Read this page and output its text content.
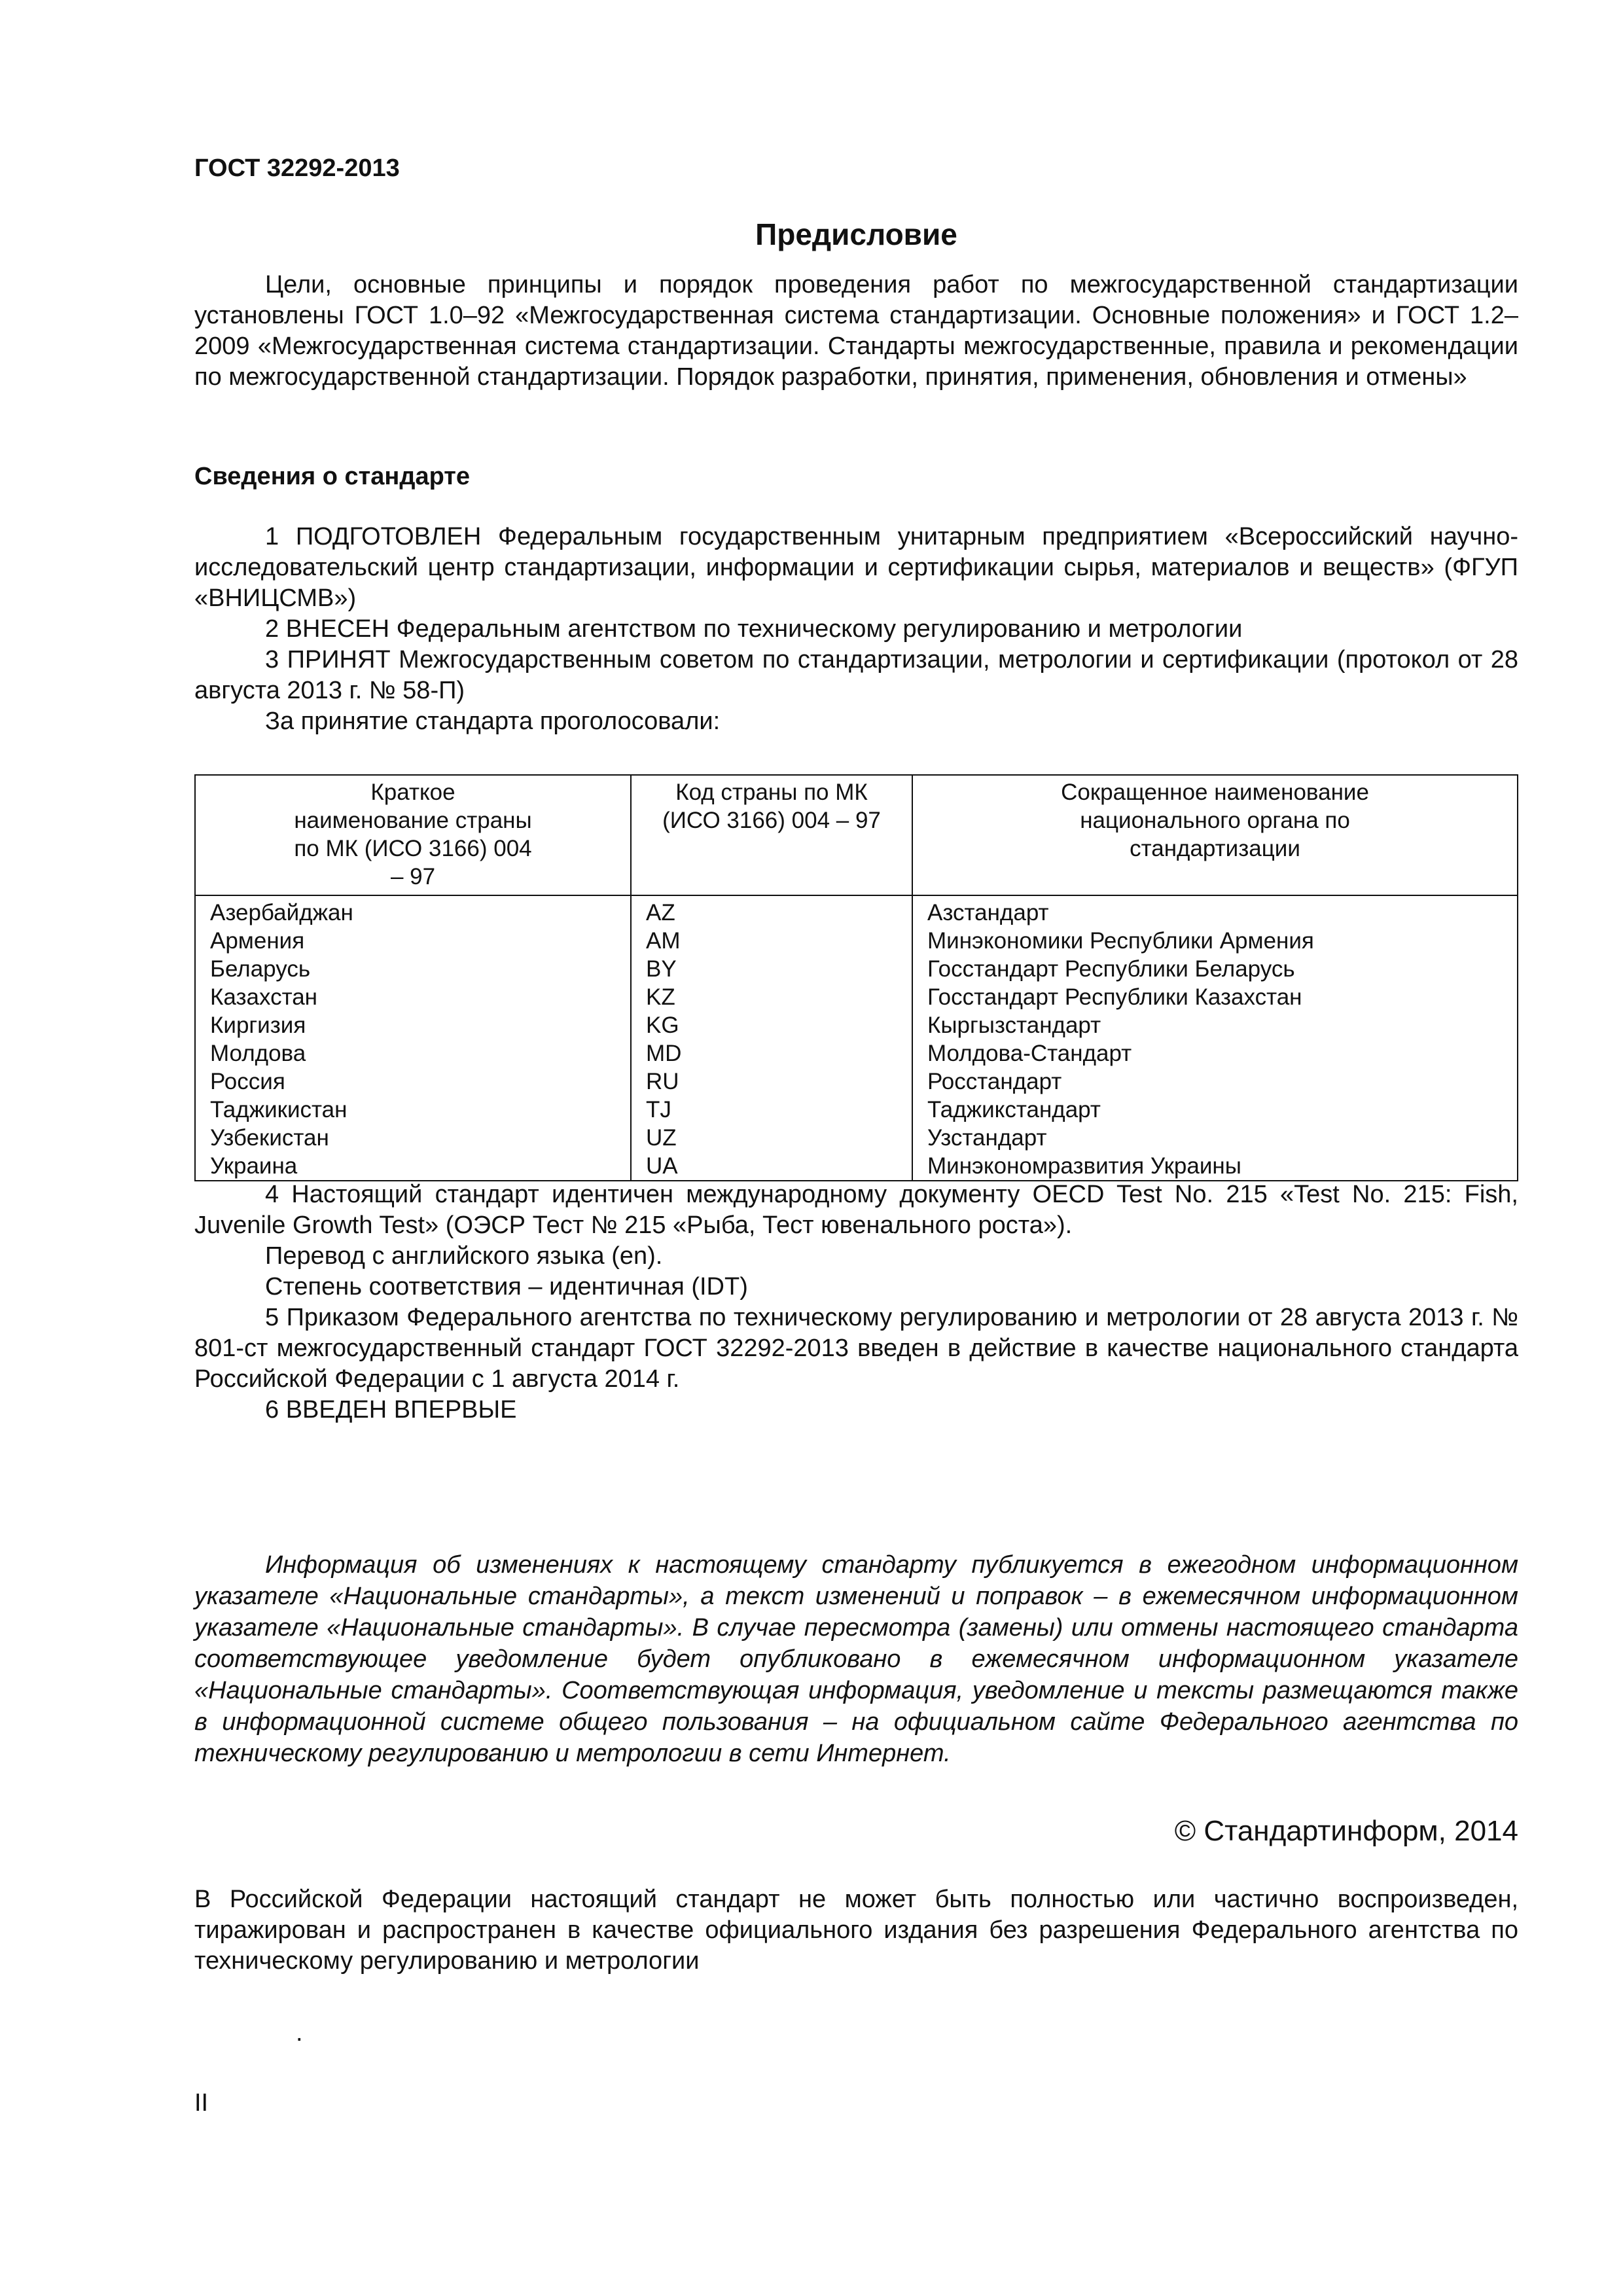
ГОСТ 32292-2013
Предисловие

Цели, основные принципы и порядок проведения работ по межгосударственной стандартизации установлены ГОСТ 1.0–92 «Межгосударственная система стандартизации. Основные положения» и ГОСТ 1.2–2009 «Межгосударственная система стандартизации. Стандарты межгосударственные, правила и рекомендации по межгосударственной стандартизации. Порядок разработки, принятия, применения, обновления и отмены»

Сведения о стандарте

1 ПОДГОТОВЛЕН Федеральным государственным унитарным предприятием «Всероссийский научно-исследовательский центр стандартизации, информации и сертификации сырья, материалов и веществ» (ФГУП «ВНИЦСМВ»)

2 ВНЕСЕН Федеральным агентством по техническому регулированию и метрологии

3 ПРИНЯТ Межгосударственным советом по стандартизации, метрологии и сертификации (протокол от 28 августа 2013 г. № 58-П)

За принятие стандарта проголосовали:
Краткое наименование страны по МК (ИСО 3166) 004 – 97	Код страны по МК (ИСО 3166) 004 – 97	Сокращенное наименование национального органа по стандартизации
Азербайджан	AZ	Азстандарт
Армения	AM	Минэкономики Республики Армения
Беларусь	BY	Госстандарт Республики Беларусь
Казахстан	KZ	Госстандарт Республики Казахстан
Киргизия	KG	Кыргызстандарт
Молдова	MD	Молдова-Стандарт
Россия	RU	Росстандарт
Таджикистан	TJ	Таджикстандарт
Узбекистан	UZ	Узстандарт
Украина	UA	Минэкономразвития Украины

4 Настоящий стандарт идентичен международному документу OECD Test No. 215 «Test No. 215: Fish, Juvenile Growth Test» (ОЭСР Тест № 215 «Рыба, Тест ювенального роста»).

Перевод с английского языка (en).
Степень соответствия – идентичная (IDT)

5 Приказом Федерального агентства по техническому регулированию и метрологии от 28 августа 2013 г. № 801-ст межгосударственный стандарт ГОСТ 32292-2013 введен в действие в качестве национального стандарта Российской Федерации с 1 августа 2014 г.

6 ВВЕДЕН ВПЕРВЫЕ

Информация об изменениях к настоящему стандарту публикуется в ежегодном информационном указателе «Национальные стандарты», а текст изменений и поправок – в ежемесячном информационном указателе «Национальные стандарты». В случае пересмотра (замены) или отмены настоящего стандарта соответствующее уведомление будет опубликовано в ежемесячном информационном указателе «Национальные стандарты». Соответствующая информация, уведомление и тексты размещаются также в информационной системе общего пользования – на официальном сайте Федерального агентства по техническому регулированию и метрологии в сети Интернет.

© Стандартинформ, 2014

В Российской Федерации настоящий стандарт не может быть полностью или частично воспроизведен, тиражирован и распространен в качестве официального издания без разрешения Федерального агентства по техническому регулированию и метрологии

.
II
